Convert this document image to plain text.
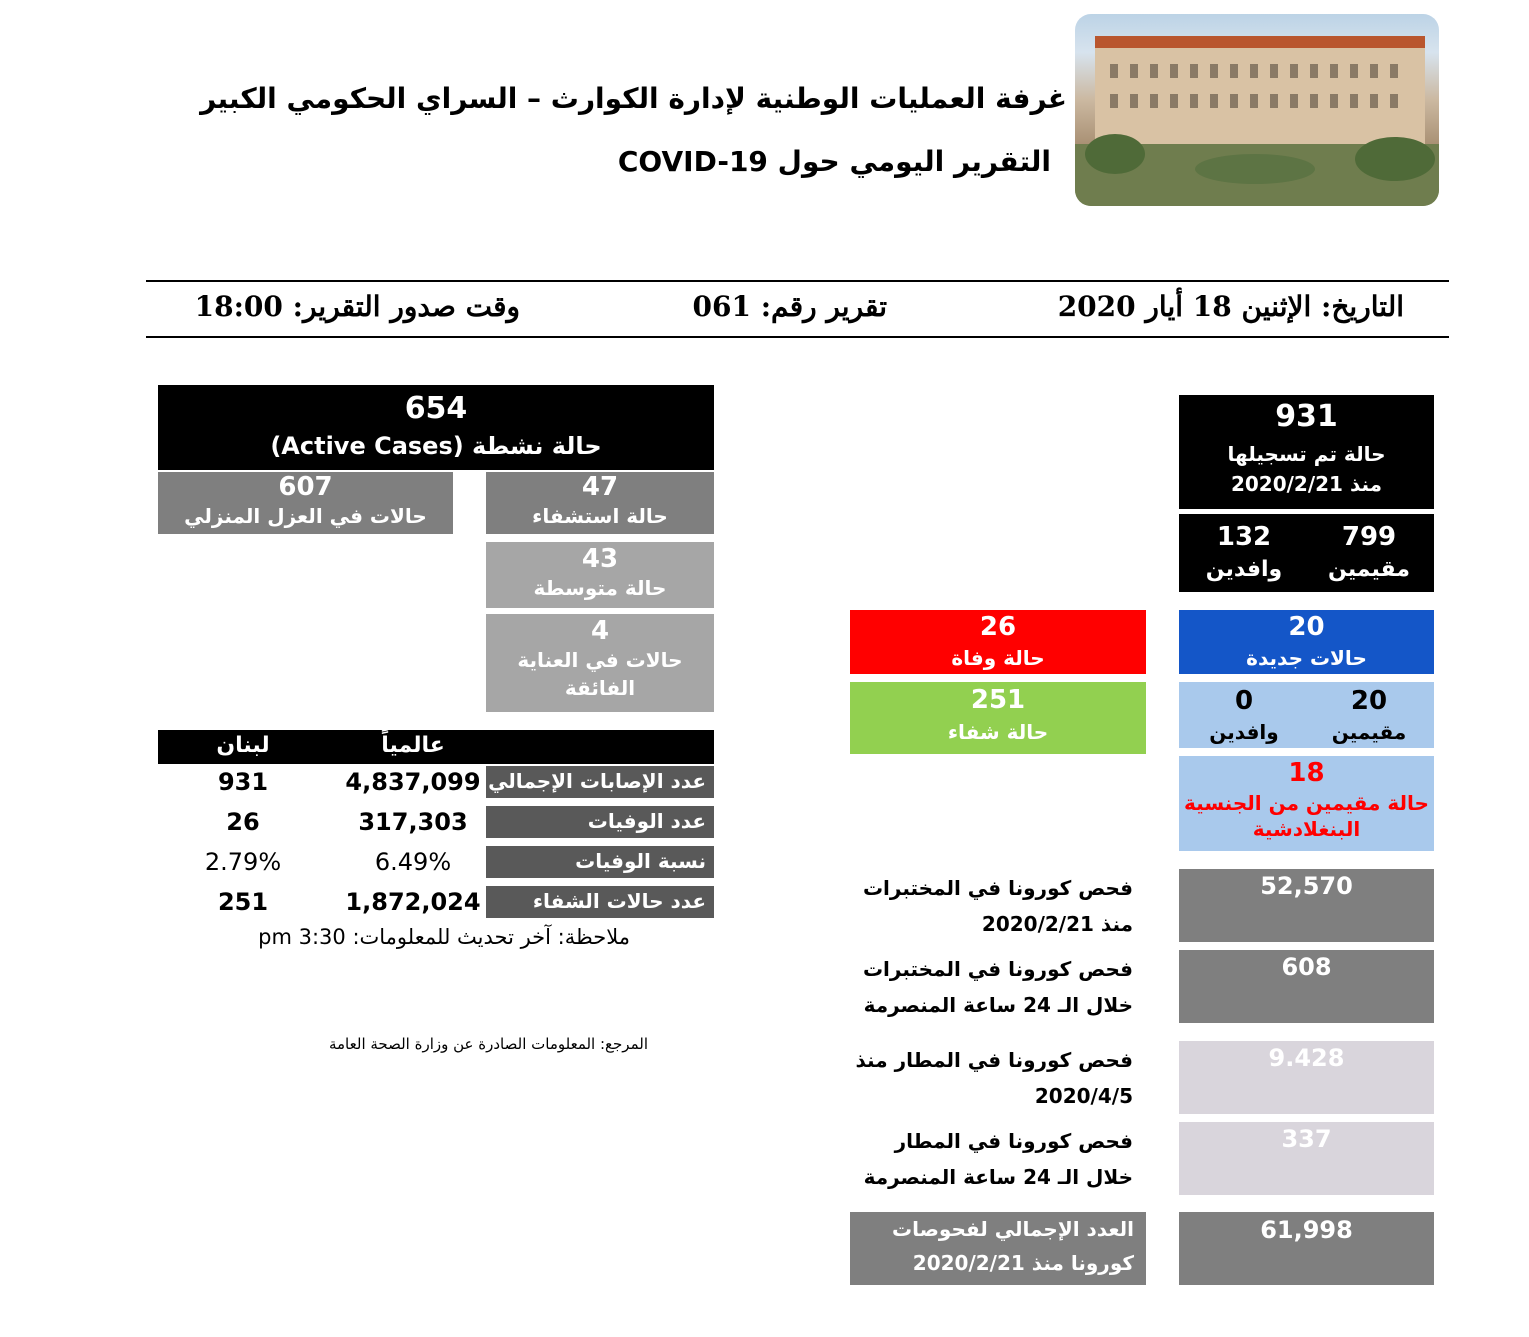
غرفة العمليات الوطنية لإدارة الكوارث – السراي الحكومي الكبير
التقرير اليومي حول COVID-19
التاريخ: الإثنين 18 أيار 2020
تقرير رقم: 061
وقت صدور التقرير: 18:00
654
حالة نشطة (Active Cases)
607
حالات في العزل المنزلي
47
حالة استشفاء
43
حالة متوسطة
4
حالات في العناية
الفائقة
لبنان	عالمياً
931	4,837,099 عدد الإصابات الإجمالي
26	317,303	عدد الوفيات
2.79%	6.49%	نسبة الوفيات
251	1,872,024	عدد حالات الشفاء
ملاحظة: آخر تحديث للمعلومات: 3:30 pm
المرجع: المعلومات الصادرة عن وزارة الصحة العامة
931
حالة تم تسجيلها
منذ 2020/2/21
799
مقيمين
132
وافدين
20
حالات جديدة
20
مقيمين
0
وافدين
18
حالة مقيمين من الجنسية
البنغلادشية
26
حالة وفاة
251
حالة شفاء
52,570
فحص كورونا في المختبرات
منذ 2020/2/21
608
فحص كورونا في المختبرات
خلال الـ 24 ساعة المنصرمة
9.428
فحص كورونا في المطار منذ
2020/4/5
337
فحص كورونا في المطار
خلال الـ 24 ساعة المنصرمة
61,998
العدد الإجمالي لفحوصات
كورونا منذ 2020/2/21
